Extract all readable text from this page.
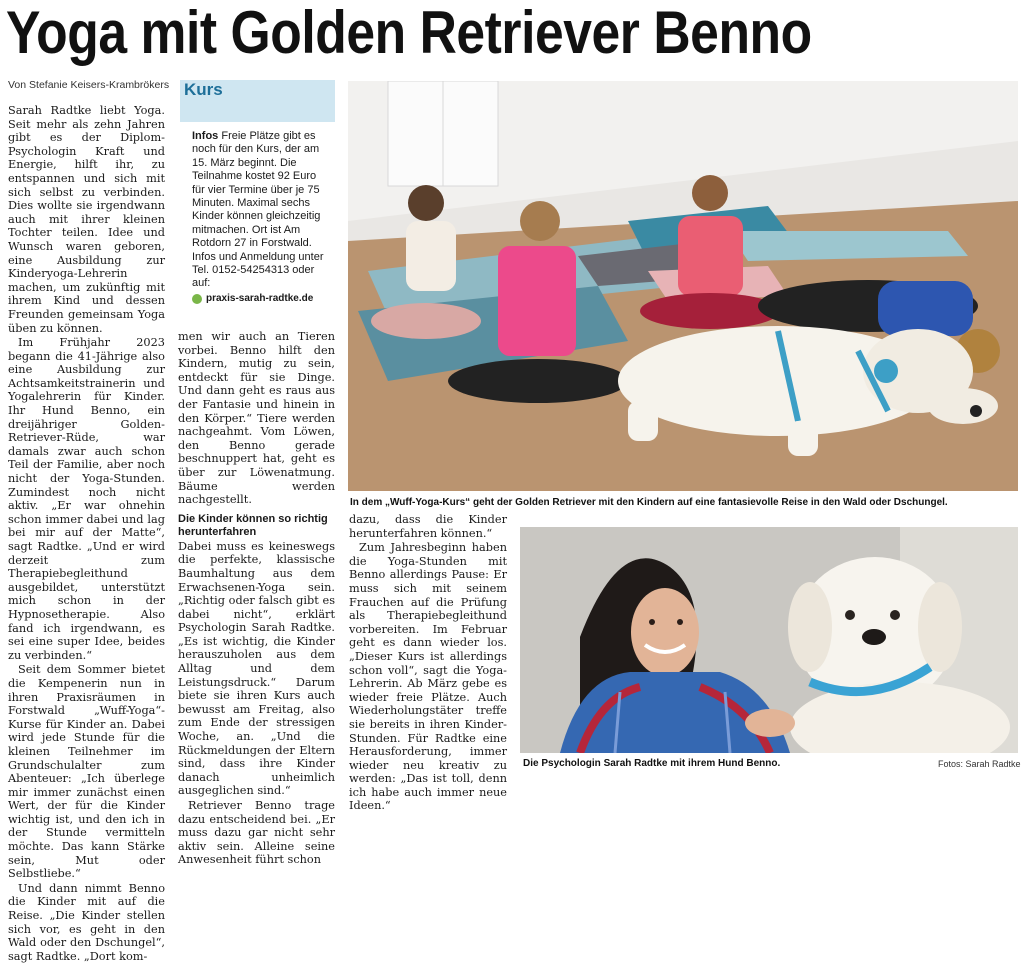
Yoga mit Golden Retriever Benno
Von Stefanie Keisers-Krambrökers

Sarah Radtke liebt Yoga. Seit mehr als zehn Jahren gibt es der Diplom-Psychologin Kraft und Energie, hilft ihr, zu entspannen und sich mit sich selbst zu verbinden. Dies wollte sie irgendwann auch mit ihrer kleinen Tochter teilen. Idee und Wunsch waren geboren, eine Ausbildung zur Kinderyoga-Lehrerin machen, um zukünftig mit ihrem Kind und dessen Freunden gemeinsam Yoga üben zu können.

Im Frühjahr 2023 begann die 41-Jährige also eine Ausbildung zur Achtsamkeitstrainerin und Yogalehrerin für Kinder. Ihr Hund Benno, ein dreijähriger Golden-Retriever-Rüde, war damals zwar auch schon Teil der Familie, aber noch nicht der Yoga-Stunden. Zumindest noch nicht aktiv. „Er war ohnehin schon immer dabei und lag bei mir auf der Matte“, sagt Radtke. „Und er wird derzeit zum Therapiebegleithund ausgebildet, unterstützt mich schon in der Hypnosetherapie. Also fand ich irgendwann, es sei eine super Idee, beides zu verbinden.“

Seit dem Sommer bietet die Kempenerin nun in ihren Praxisräumen in Forstwald „Wuff-Yoga“-Kurse für Kinder an. Dabei wird jede Stunde für die kleinen Teilnehmer im Grundschulalter zum Abenteuer: „Ich überlege mir immer zunächst einen Wert, der für die Kinder wichtig ist, und den ich in der Stunde vermitteln möchte. Das kann Stärke sein, Mut oder Selbstliebe.“

Und dann nimmt Benno die Kinder mit auf die Reise. „Die Kinder stellen sich vor, es geht in den Wald oder den Dschungel“, sagt Radtke. „Dort kom-

Kurs
Infos Freie Plätze gibt es noch für den Kurs, der am 15. März beginnt. Die Teilnahme kostet 92 Euro für vier Termine über je 75 Minuten. Maximal sechs Kinder können gleichzeitig mitmachen. Ort ist Am Rotdorn 27 in Forstwald. Infos und Anmeldung unter Tel. 0152-54254313 oder auf:
praxis-sarah-radtke.de

men wir auch an Tieren vorbei. Benno hilft den Kindern, mutig zu sein, entdeckt für sie Dinge. Und dann geht es raus aus der Fantasie und hinein in den Körper.“ Tiere werden nachgeahmt. Vom Löwen, den Benno gerade beschnuppert hat, geht es über zur Löwenatmung. Bäume werden nachgestellt.

Die Kinder können so richtig herunterfahren

Dabei muss es keineswegs die perfekte, klassische Baumhaltung aus dem Erwachsenen-Yoga sein. „Richtig oder falsch gibt es dabei nicht“, erklärt Psychologin Sarah Radtke. „Es ist wichtig, die Kinder herauszuholen aus dem Alltag und dem Leistungsdruck.“ Darum biete sie ihren Kurs auch bewusst am Freitag, also zum Ende der stressigen Woche, an. „Und die Rückmeldungen der Eltern sind, dass ihre Kinder danach unheimlich ausgeglichen sind.“

Retriever Benno trage dazu entscheidend bei. „Er muss dazu gar nicht sehr aktiv sein. Alleine seine Anwesenheit führt schon

dazu, dass die Kinder herunterfahren können.“

Zum Jahresbeginn haben die Yoga-Stunden mit Benno allerdings Pause: Er muss sich mit seinem Frauchen auf die Prüfung als Therapiebegleithund vorbereiten. Im Februar geht es dann wieder los. „Dieser Kurs ist allerdings schon voll“, sagt die Yoga-Lehrerin. Ab März gebe es wieder freie Plätze. Auch Wiederholungstäter treffe sie bereits in ihren Kinder-Stunden. Für Radtke eine Herausforderung, immer wieder neu kreativ zu werden: „Das ist toll, denn ich habe auch immer neue Ideen.“

In dem „Wuff-Yoga-Kurs“ geht der Golden Retriever mit den Kindern auf eine fantasievolle Reise in den Wald oder Dschungel.
Die Psychologin Sarah Radtke mit ihrem Hund Benno.	Fotos: Sarah Radtke
